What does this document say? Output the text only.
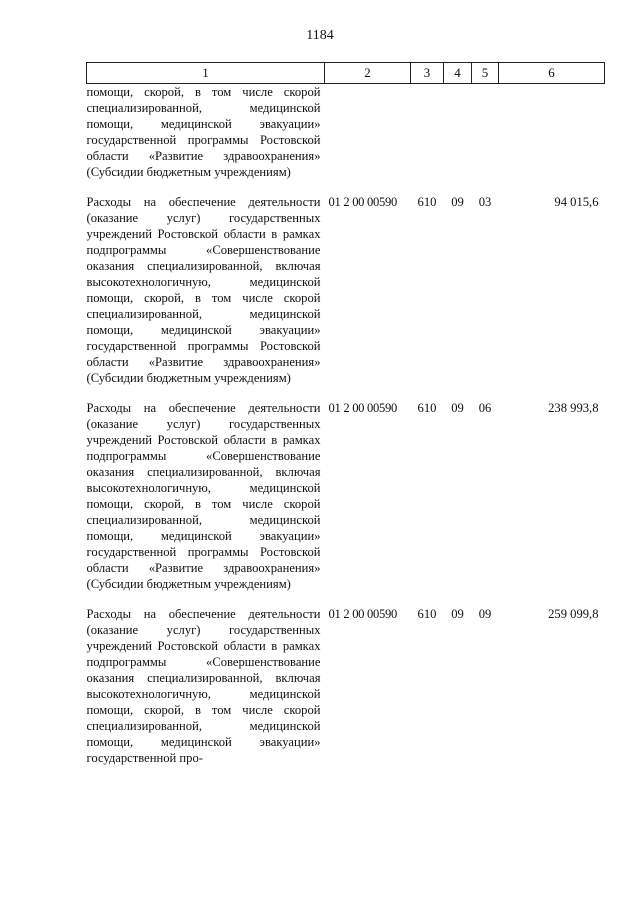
1184
1	2	3	4	5	6
помощи, скорой, в том числе скорой специализированной, медицинской помощи, медицинской эвакуации» государственной программы Ростовской области «Развитие здравоохранения» (Субсидии бюджетным учреждениям)					

Расходы на обеспечение деятельности (оказание услуг) государственных учреждений Ростовской области в рамках подпрограммы «Совершенствование оказания специализированной, включая высокотехнологичную, медицинской помощи, скорой, в том числе скорой специализированной, медицинской помощи, медицинской эвакуации» государственной программы Ростовской области «Развитие здравоохранения» (Субсидии бюджетным учреждениям)	01 2 00 00590	610	09	03	94 015,6

Расходы на обеспечение деятельности (оказание услуг) государственных учреждений Ростовской области в рамках подпрограммы «Совершенствование оказания специализированной, включая высокотехнологичную, медицинской помощи, скорой, в том числе скорой специализированной, медицинской помощи, медицинской эвакуации» государственной программы Ростовской области «Развитие здравоохранения» (Субсидии бюджетным учреждениям)	01 2 00 00590	610	09	06	238 993,8

Расходы на обеспечение деятельности (оказание услуг) государственных учреждений Ростовской области в рамках подпрограммы «Совершенствование оказания специализированной, включая высокотехнологичную, медицинской помощи, скорой, в том числе скорой специализированной, медицинской помощи, медицинской эвакуации» государственной про-	01 2 00 00590	610	09	09	259 099,8
